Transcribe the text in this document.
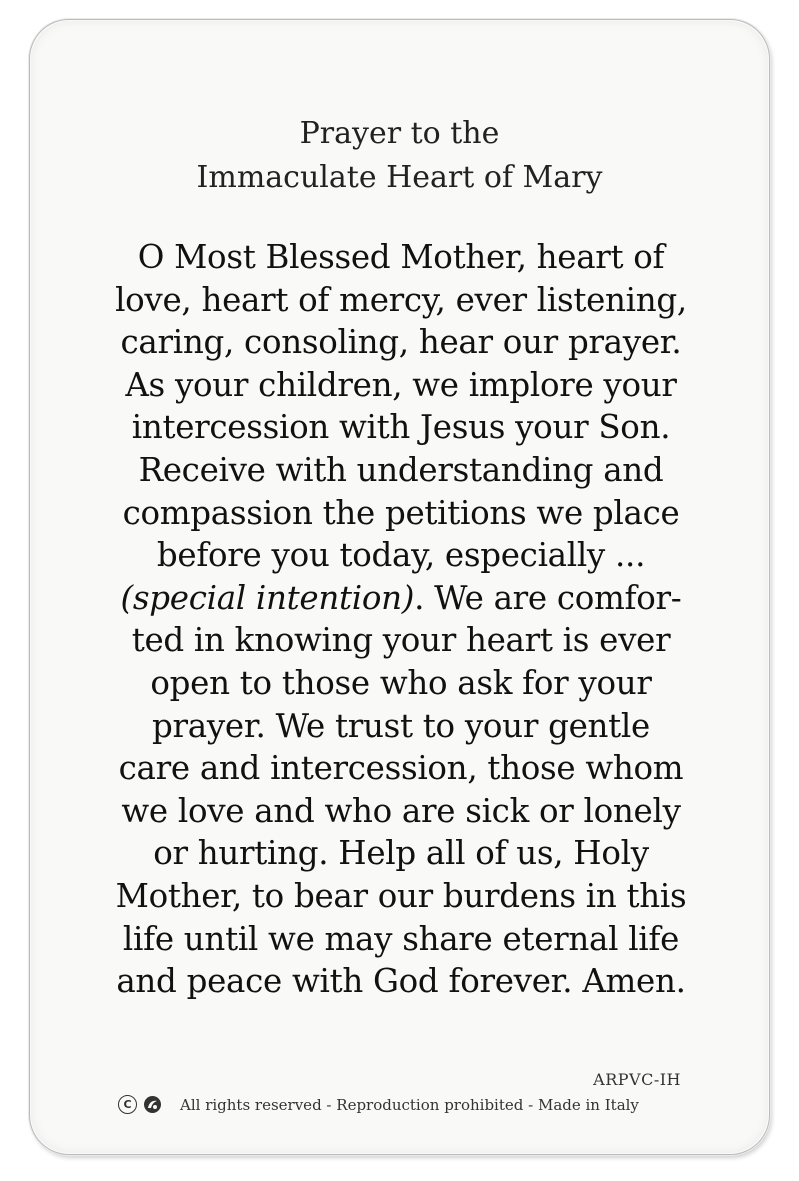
Prayer to the
Immaculate Heart of Mary

O Most Blessed Mother, heart of
love, heart of mercy, ever listening,
caring, consoling, hear our prayer.
As your children, we implore your
intercession with Jesus your Son.
Receive with understanding and
compassion the petitions we place
before you today, especially ...
(special intention). We are comfor-
ted in knowing your heart is ever
open to those who ask for your
prayer. We trust to your gentle
care and intercession, those whom
we love and who are sick or lonely
or hurting. Help all of us, Holy
Mother, to bear our burdens in this
life until we may share eternal life
and peace with God forever. Amen.

ARPVC-IH
C	All rights reserved - Reproduction prohibited - Made in Italy
